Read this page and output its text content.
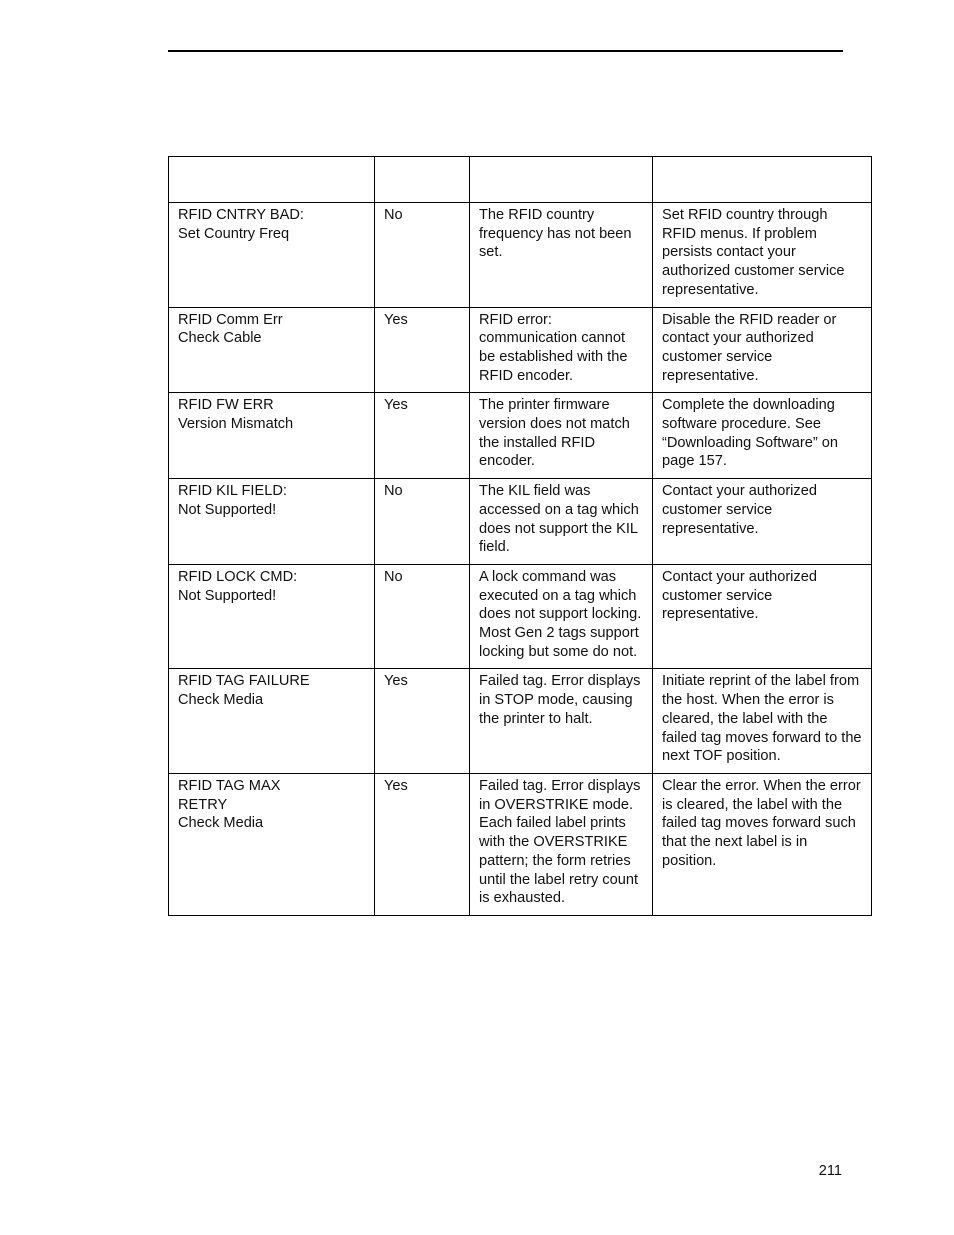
RFID CNTRY BAD:
Set Country Freq	No	The RFID country frequency has not been set.	Set RFID country through RFID menus. If problem persists contact your authorized customer service representative.
RFID Comm Err
Check Cable	Yes	RFID error: communication cannot be established with the RFID encoder.	Disable the RFID reader or contact your authorized customer service representative.
RFID FW ERR
Version Mismatch	Yes	The printer firmware version does not match the installed RFID encoder.	Complete the downloading software procedure. See “Downloading Software” on page 157.
RFID KIL FIELD:
Not Supported!	No	The KIL field was accessed on a tag which does not support the KIL field.	Contact your authorized customer service representative.
RFID LOCK CMD:
Not Supported!	No	A lock command was executed on a tag which does not support locking. Most Gen 2 tags support locking but some do not.	Contact your authorized customer service representative.
RFID TAG FAILURE
Check Media	Yes	Failed tag. Error displays in STOP mode, causing the printer to halt.	Initiate reprint of the label from the host. When the error is cleared, the label with the failed tag moves forward to the next TOF position.
RFID TAG MAX
RETRY
Check Media	Yes	Failed tag. Error displays in OVERSTRIKE mode. Each failed label prints with the OVERSTRIKE pattern; the form retries until the label retry count is exhausted.	Clear the error. When the error is cleared, the label with the failed tag moves forward such that the next label is in position.
211
